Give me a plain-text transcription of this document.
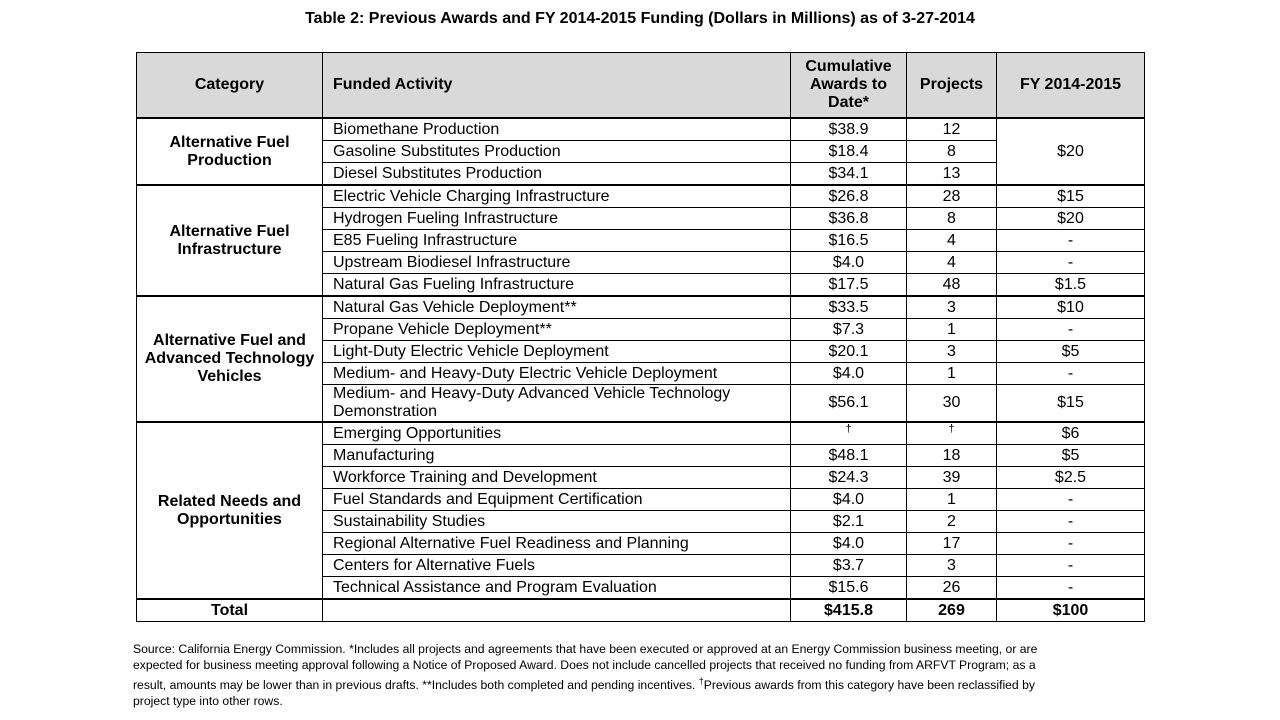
Table 2: Previous Awards and FY 2014-2015 Funding (Dollars in Millions) as of 3-27-2014
Category	Funded Activity	Cumulative Awards to Date*	Projects	FY 2014-2015
Alternative Fuel Production	Biomethane Production	$38.9	12	$20
	Gasoline Substitutes Production	$18.4	8	
	Diesel Substitutes Production	$34.1	13	
Alternative Fuel Infrastructure	Electric Vehicle Charging Infrastructure	$26.8	28	$15
	Hydrogen Fueling Infrastructure	$36.8	8	$20
	E85 Fueling Infrastructure	$16.5	4	-
	Upstream Biodiesel Infrastructure	$4.0	4	-
	Natural Gas Fueling Infrastructure	$17.5	48	$1.5
Alternative Fuel and Advanced Technology Vehicles	Natural Gas Vehicle Deployment**	$33.5	3	$10
	Propane Vehicle Deployment**	$7.3	1	-
	Light-Duty Electric Vehicle Deployment	$20.1	3	$5
	Medium- and Heavy-Duty Electric Vehicle Deployment	$4.0	1	-
	Medium- and Heavy-Duty Advanced Vehicle Technology Demonstration	$56.1	30	$15
Related Needs and Opportunities	Emerging Opportunities	†	†	$6
	Manufacturing	$48.1	18	$5
	Workforce Training and Development	$24.3	39	$2.5
	Fuel Standards and Equipment Certification	$4.0	1	-
	Sustainability Studies	$2.1	2	-
	Regional Alternative Fuel Readiness and Planning	$4.0	17	-
	Centers for Alternative Fuels	$3.7	3	-
	Technical Assistance and Program Evaluation	$15.6	26	-
Total		$415.8	269	$100
Source: California Energy Commission. *Includes all projects and agreements that have been executed or approved at an Energy Commission business meeting, or are expected for business meeting approval following a Notice of Proposed Award. Does not include cancelled projects that received no funding from ARFVT Program; as a result, amounts may be lower than in previous drafts. **Includes both completed and pending incentives. †Previous awards from this category have been reclassified by project type into other rows.
